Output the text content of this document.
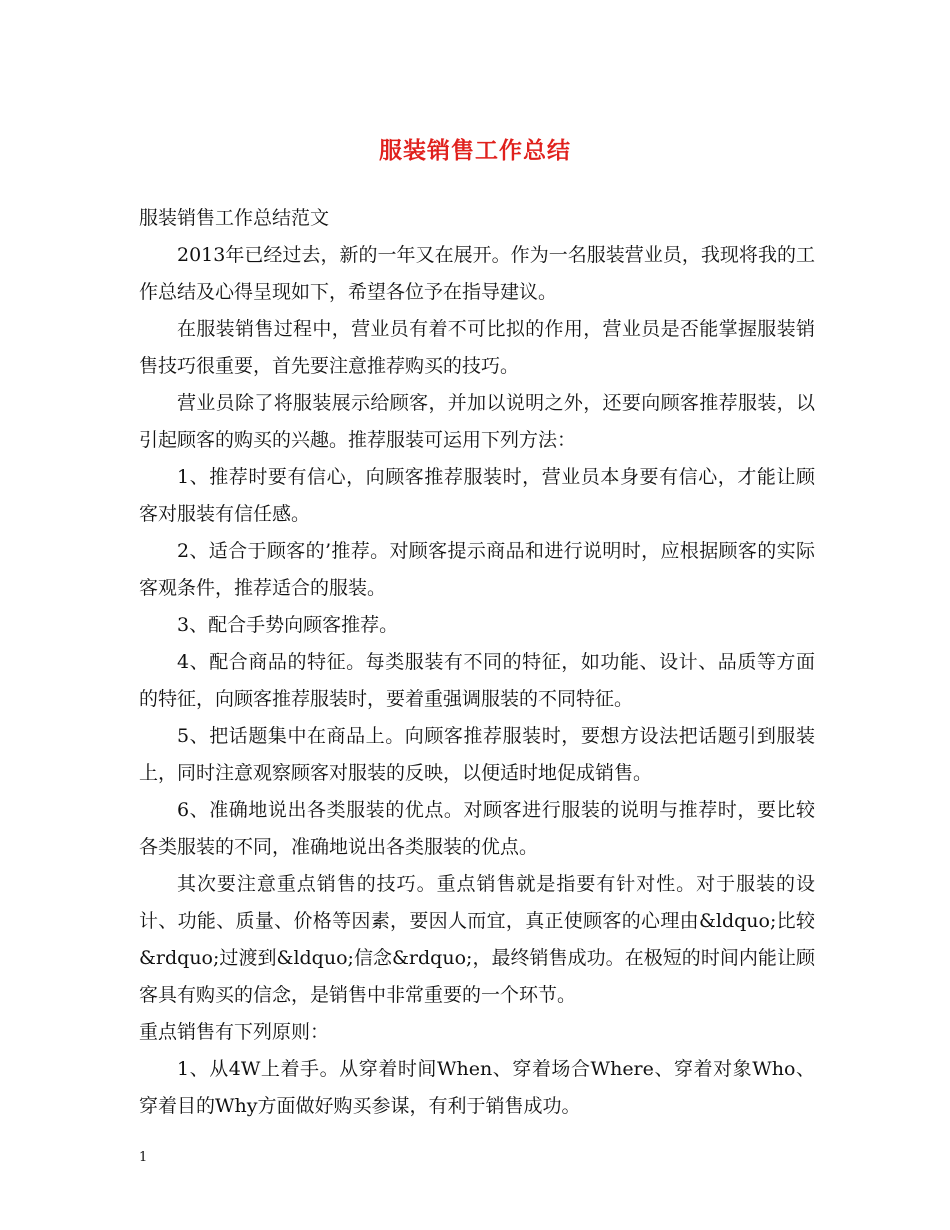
服装销售工作总结

服装销售工作总结范文

2013年已经过去，新的一年又在展开。作为一名服装营业员，我现将我的工作总结及心得呈现如下，希望各位予在指导建议。

在服装销售过程中，营业员有着不可比拟的作用，营业员是否能掌握服装销售技巧很重要，首先要注意推荐购买的技巧。

营业员除了将服装展示给顾客，并加以说明之外，还要向顾客推荐服装，以引起顾客的购买的兴趣。推荐服装可运用下列方法：

1、推荐时要有信心，向顾客推荐服装时，营业员本身要有信心，才能让顾客对服装有信任感。

2、适合于顾客的’推荐。对顾客提示商品和进行说明时，应根据顾客的实际客观条件，推荐适合的服装。

3、配合手势向顾客推荐。

4、配合商品的特征。每类服装有不同的特征，如功能、设计、品质等方面的特征，向顾客推荐服装时，要着重强调服装的不同特征。

5、把话题集中在商品上。向顾客推荐服装时，要想方设法把话题引到服装上，同时注意观察顾客对服装的反映，以便适时地促成销售。

6、准确地说出各类服装的优点。对顾客进行服装的说明与推荐时，要比较各类服装的不同，准确地说出各类服装的优点。

其次要注意重点销售的技巧。重点销售就是指要有针对性。对于服装的设计、功能、质量、价格等因素，要因人而宜，真正使顾客的心理由&ldquo;比较&rdquo;过渡到&ldquo;信念&rdquo;，最终销售成功。在极短的时间内能让顾客具有购买的信念，是销售中非常重要的一个环节。

重点销售有下列原则：

1、从4W上着手。从穿着时间When、穿着场合Where、穿着对象Who、穿着目的Why方面做好购买参谋，有利于销售成功。

1
